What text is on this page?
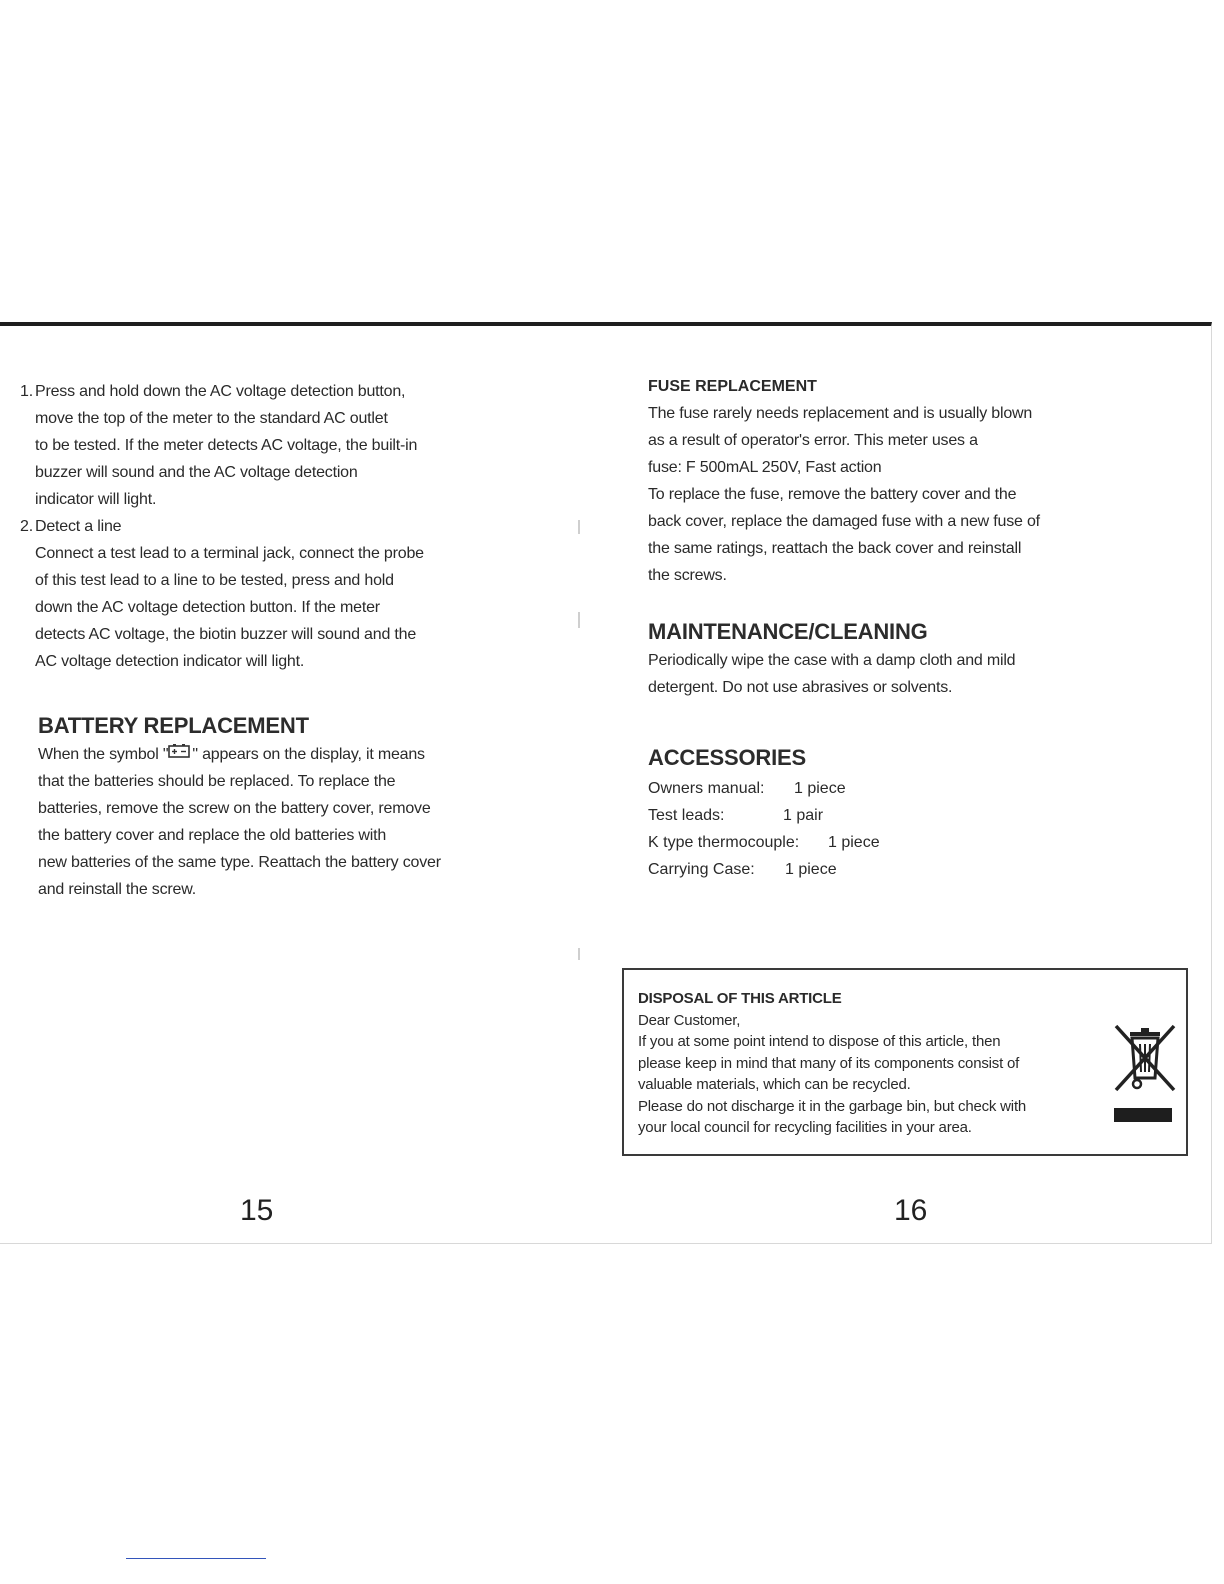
1. Press and hold down the AC voltage detection button,
move the top of the meter to the standard AC outlet
to be tested. If the meter detects AC voltage, the built-in
buzzer will sound and the AC voltage detection
indicator will light.
2. Detect a line
Connect a test lead to a terminal jack, connect the probe
of this test lead to a line to be tested, press and hold
down the AC voltage detection button. If the meter
detects AC voltage, the biotin buzzer will sound and the
AC voltage detection indicator will light.
BATTERY REPLACEMENT
When the symbol " " appears on the display, it means
that the batteries should be replaced. To replace the
batteries, remove the screw on the battery cover, remove
the battery cover and replace the old batteries with
new batteries of the same type. Reattach the battery cover
and reinstall the screw.
FUSE REPLACEMENT
The fuse rarely needs replacement and is usually blown
as a result of operator's error. This meter uses a
fuse: F 500mAL 250V, Fast action
To replace the fuse, remove the battery cover and the
back cover, replace the damaged fuse with a new fuse of
the same ratings, reattach the back cover and reinstall
the screws.
MAINTENANCE/CLEANING
Periodically wipe the case with a damp cloth and mild
detergent. Do not use abrasives or solvents.
ACCESSORIES
Owners manual:	1 piece
Test leads:	1 pair
K type thermocouple:	1 piece
Carrying Case:	1 piece
DISPOSAL OF THIS ARTICLE
Dear Customer,
If you at some point intend to dispose of this article, then
please keep in mind that many of its components consist of
valuable materials, which can be recycled.
Please do not discharge it in the garbage bin, but check with
your local council for recycling facilities in your area.
15	16
